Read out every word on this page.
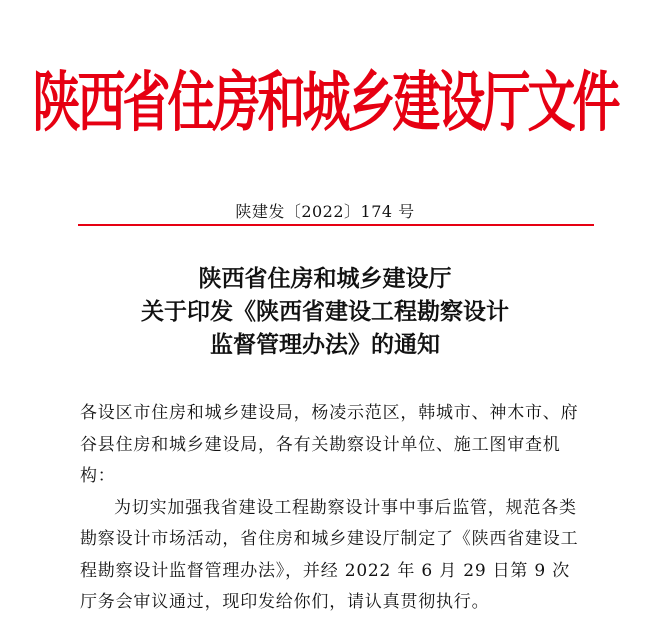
陕西省住房和城乡建设厅文件
陕建发〔2022〕174 号
陕西省住房和城乡建设厅
关于印发《陕西省建设工程勘察设计
监督管理办法》的通知

各设区市住房和城乡建设局，杨凌示范区，韩城市、神木市、府谷县住房和城乡建设局，各有关勘察设计单位、施工图审查机构：

为切实加强我省建设工程勘察设计事中事后监管，规范各类勘察设计市场活动，省住房和城乡建设厅制定了《陕西省建设工程勘察设计监督管理办法》，并经 2022 年 6 月 29 日第 9 次厅务会审议通过，现印发给你们，请认真贯彻执行。
